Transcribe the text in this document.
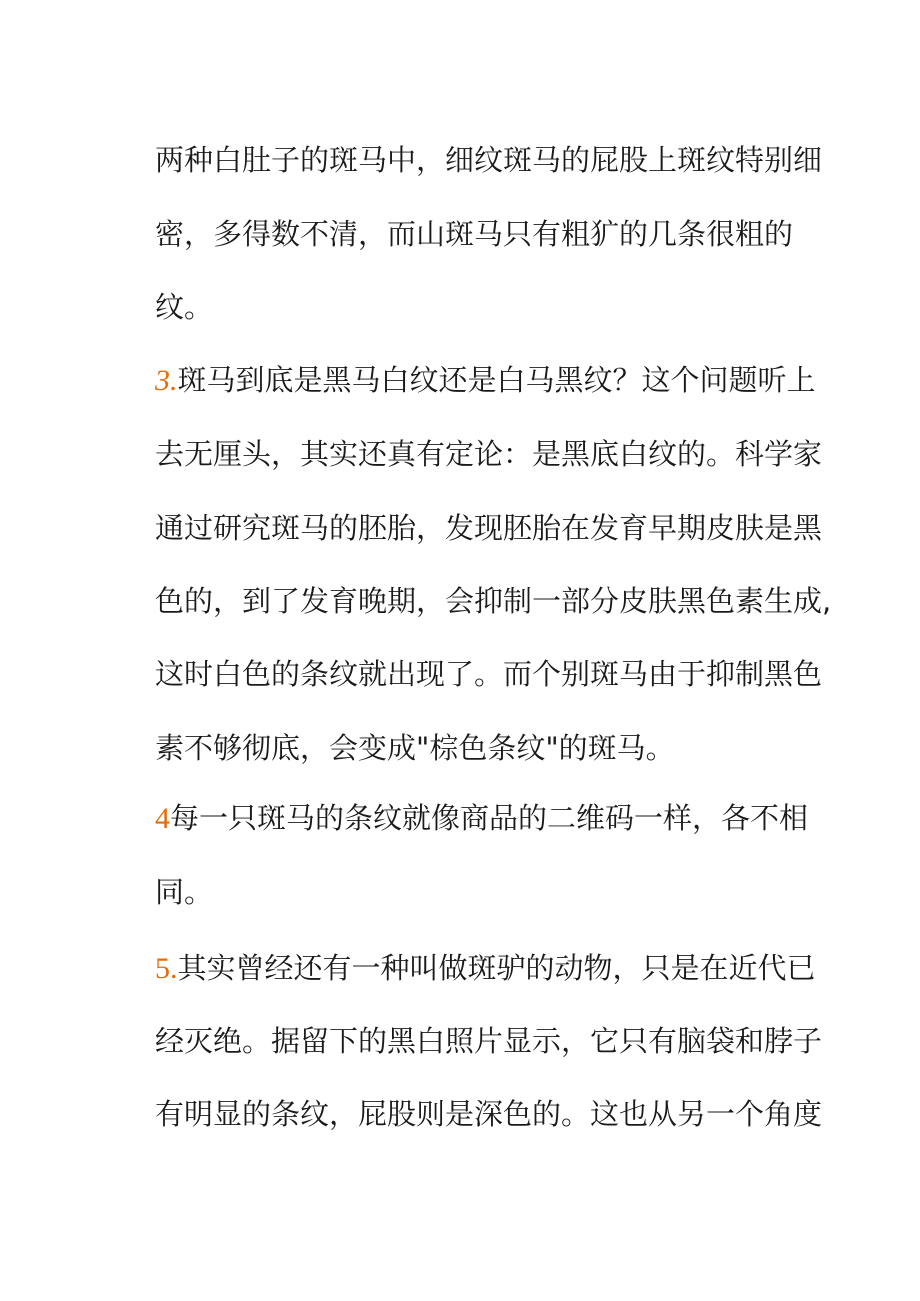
两种白肚子的斑马中，细纹斑马的屁股上斑纹特别细
密，多得数不清，而山斑马只有粗犷的几条很粗的
纹。
3.斑马到底是黑马白纹还是白马黑纹？这个问题听上
去无厘头，其实还真有定论：是黑底白纹的。科学家
通过研究斑马的胚胎，发现胚胎在发育早期皮肤是黑
色的，到了发育晚期，会抑制一部分皮肤黑色素生成,
这时白色的条纹就出现了。而个别斑马由于抑制黑色
素不够彻底，会变成"棕色条纹"的斑马。
4每一只斑马的条纹就像商品的二维码一样，各不相
同。
5.其实曾经还有一种叫做斑驴的动物，只是在近代已
经灭绝。据留下的黑白照片显示，它只有脑袋和脖子
有明显的条纹，屁股则是深色的。这也从另一个角度
